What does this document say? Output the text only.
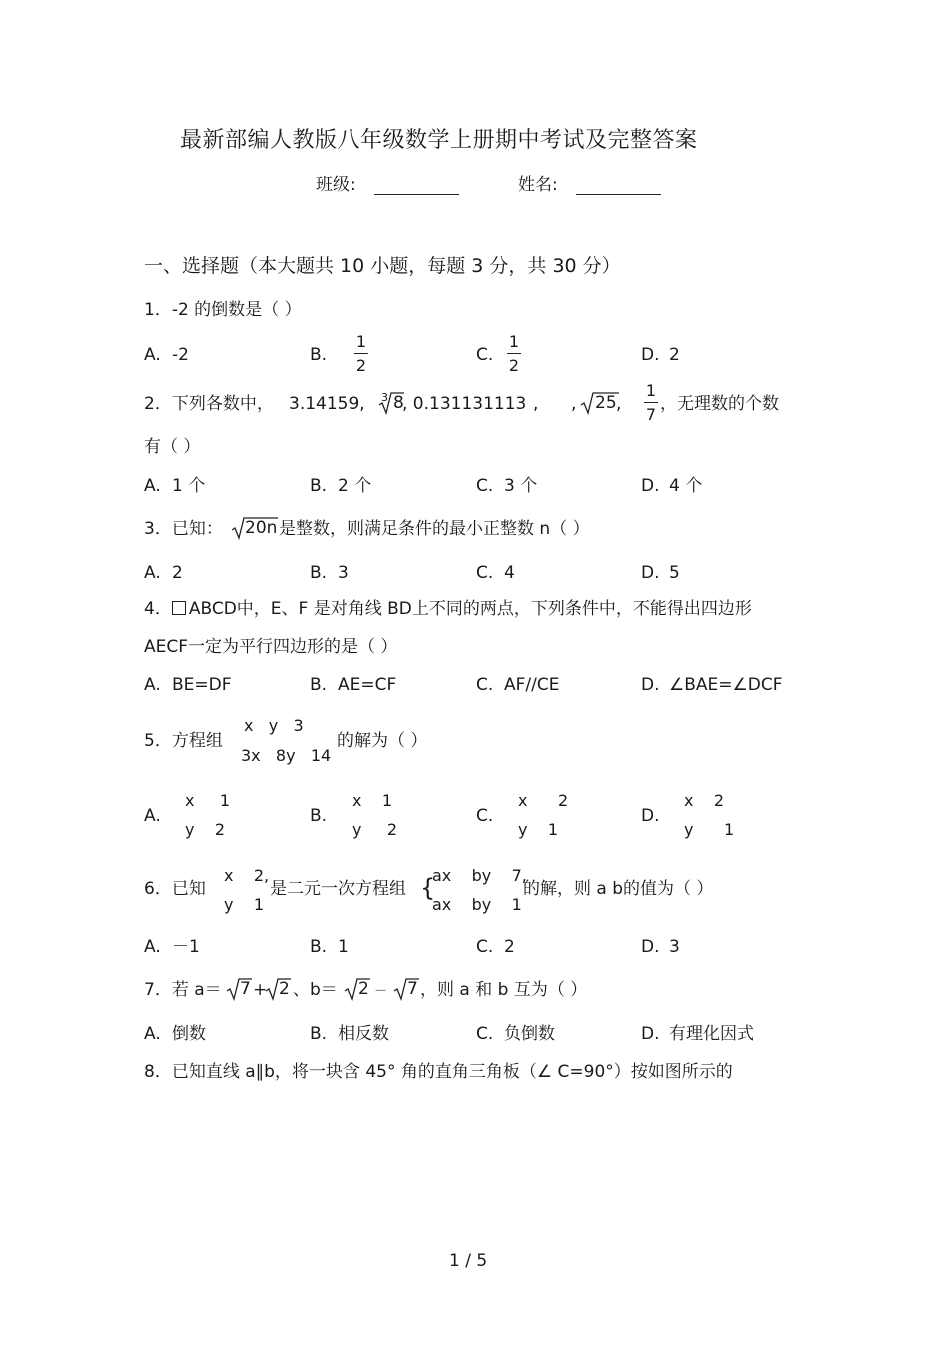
最新部编人教版八年级数学上册期中考试及完整答案
班级:	姓名:
一、选择题（本大题共 10 小题，每题 3 分，共 30 分）
1．-2 的倒数是（ ）
A. -2	B.
1
2
C.
1
2
D. 2
2．下列各数中， 3.14159, 3 8
, 0.131131113 , , 25 ,
1
7
，无理数的个数
有（ ）
A. 1 个	B. 2 个	C. 3 个	D. 4 个
3．已知： 20n 是整数，则满足条件的最小正整数 n（ ）
A. 2	B. 3	C. 4	D. 5
4． ABCD中，E、F 是对角线 BD上不同的两点，下列条件中，不能得出四边形
AECF一定为平行四边形的是（ ）
A. BE=DF	B. AE=CF	C. AF//CE	D. ∠BAE=∠DCF
5．方程组
x   y   3
3x   8y   14
的解为（ ）
A.
x     1
y    2
B.
x    1
y     2
C.
x      2
y    1
D.
x    2
y      1
6．已知
x    2,
y    1
是二元一次方程组 {
ax    by    7,
ax    by    1
的解，则 a b的值为（ ）
A. －1	B. 1	C. 2	D. 3
7．若 a＝ 7 + 2 、b＝ 2 － 7 ，则 a 和 b 互为（ ）
A. 倒数	B. 相反数	C. 负倒数	D. 有理化因式
8．已知直线 a∥b，将一块含 45° 角的直角三角板（∠ C=90°）按如图所示的
1 / 5
